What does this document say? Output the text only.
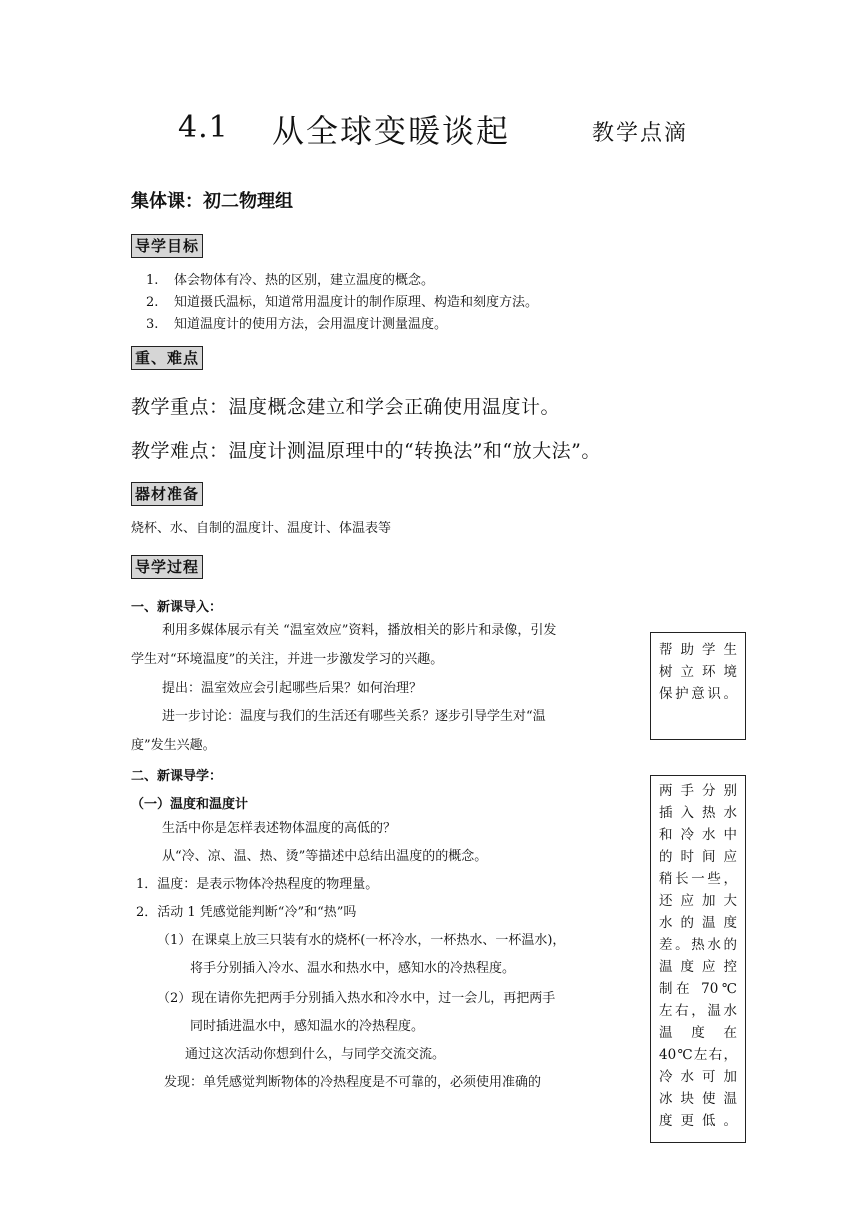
4.1 从全球变暖谈起	教学点滴
集体课：初二物理组
导学目标
1. 体会物体有冷、热的区别，建立温度的概念。
2. 知道摄氏温标，知道常用温度计的制作原理、构造和刻度方法。
3. 知道温度计的使用方法，会用温度计测量温度。
重、难点
教学重点：温度概念建立和学会正确使用温度计。
教学难点：温度计测温原理中的“转换法”和“放大法”。
器材准备
烧杯、水、自制的温度计、温度计、体温表等
导学过程
一、新课导入：
利用多媒体展示有关 “温室效应”资料，播放相关的影片和录像，引发
学生对“环境温度”的关注，并进一步激发学习的兴趣。
提出：温室效应会引起哪些后果？如何治理？
进一步讨论：温度与我们的生活还有哪些关系？逐步引导学生对“温
度”发生兴趣。
二、新课导学：
（一）温度和温度计
生活中你是怎样表述物体温度的高低的？
从“冷、凉、温、热、烫”等描述中总结出温度的的概念。
1．温度：是表示物体冷热程度的物理量。
2．活动 1 凭感觉能判断“冷”和“热”吗
（1）在课桌上放三只装有水的烧杯(一杯冷水，一杯热水、一杯温水)，
将手分别插入冷水、温水和热水中，感知水的冷热程度。
（2）现在请你先把两手分别插入热水和冷水中，过一会儿，再把两手
同时插进温水中，感知温水的冷热程度。
通过这次活动你想到什么，与同学交流交流。
发现：单凭感觉判断物体的冷热程度是不可靠的，必须使用准确的
帮助学生
树立环境
保护意识。
两手分别
插入热水
和冷水中
的时间应
稍长一些，
还应加大
水的温度
差。热水的
温度应控
制在 70℃
左右，温水
温 度 在
40℃左右，
冷水可加
冰块使温
度更低。
